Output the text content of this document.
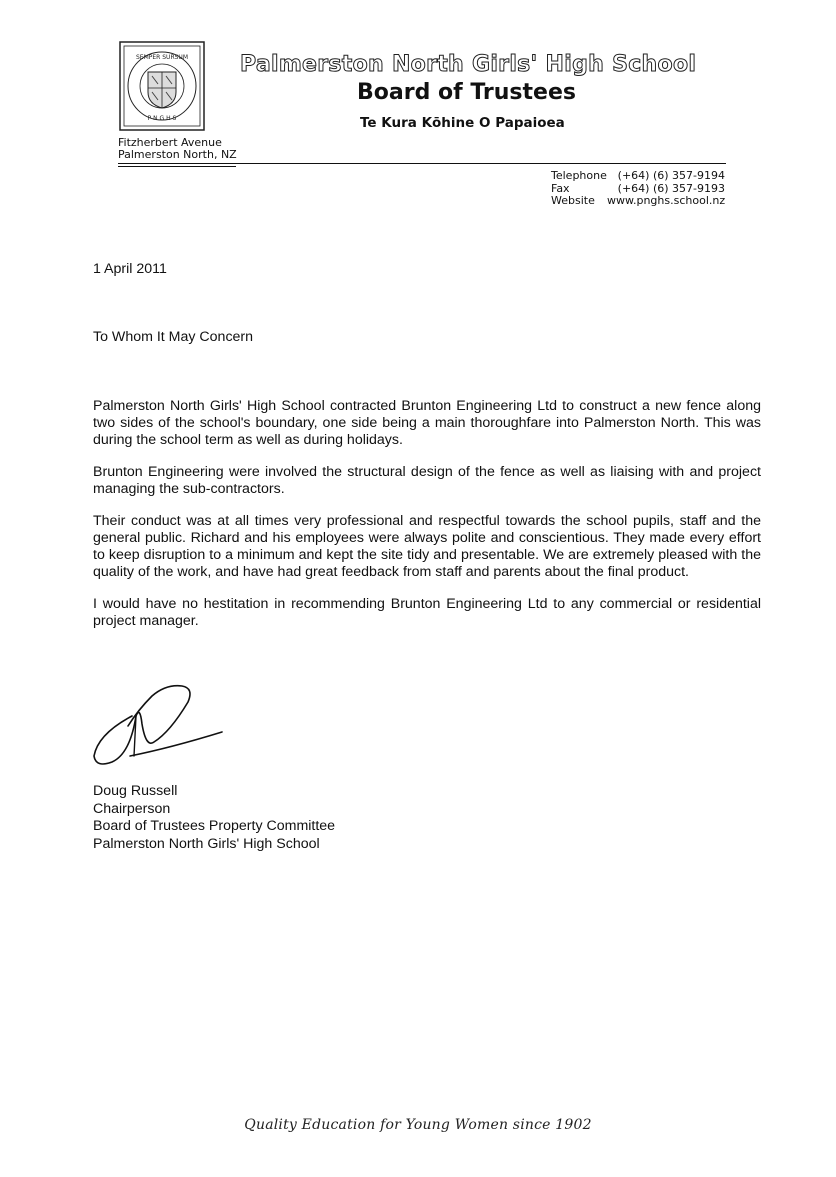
SEMPER SURSUM
P N G H S
Palmerston North Girls' High School
Board of Trustees
Te Kura Kōhine O Papaioea
Fitzherbert Avenue
Palmerston North, NZ
Telephone (+64) (6) 357-9194
Fax	(+64) (6) 357-9193
Website	www.pnghs.school.nz
1 April 2011
To Whom It May Concern

Palmerston North Girls' High School contracted Brunton Engineering Ltd to construct a new fence along two sides of the school's boundary, one side being a main thoroughfare into Palmerston North. This was during the school term as well as during holidays.

Brunton Engineering were involved the structural design of the fence as well as liaising with and project managing the sub-contractors.

Their conduct was at all times very professional and respectful towards the school pupils, staff and the general public. Richard and his employees were always polite and conscientious. They made every effort to keep disruption to a minimum and kept the site tidy and presentable. We are extremely pleased with the quality of the work, and have had great feedback from staff and parents about the final product.

I would have no hestitation in recommending Brunton Engineering Ltd to any commercial or residential project manager.

Doug Russell
Chairperson
Board of Trustees Property Committee
Palmerston North Girls' High School
Quality Education for Young Women since 1902
